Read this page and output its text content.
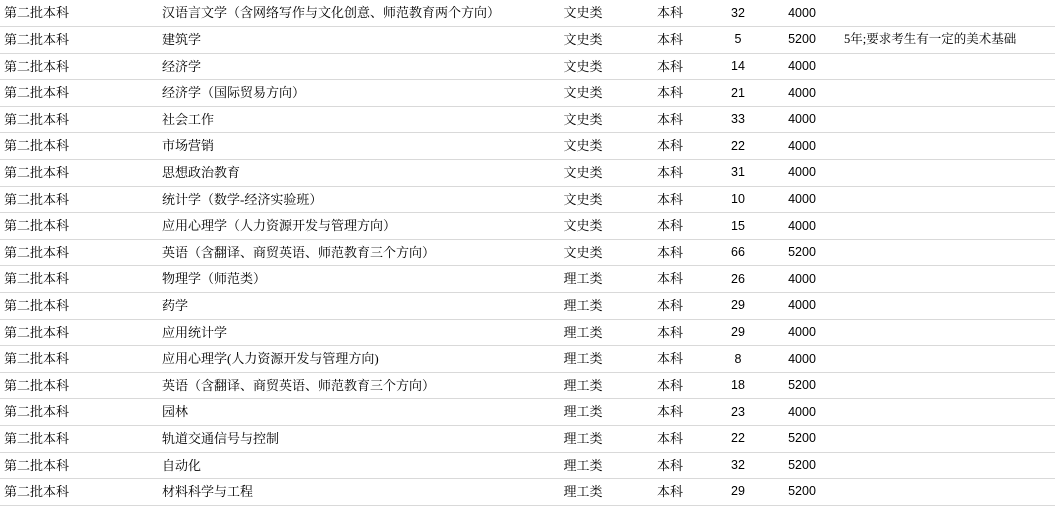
第二批本科	汉语言文学（含网络写作与文化创意、师范教育两个方向）	文史类	本科	32	4000	
第二批本科	建筑学	文史类	本科	5	5200	5年;要求考生有一定的美术基础
第二批本科	经济学	文史类	本科	14	4000	
第二批本科	经济学（国际贸易方向）	文史类	本科	21	4000	
第二批本科	社会工作	文史类	本科	33	4000	
第二批本科	市场营销	文史类	本科	22	4000	
第二批本科	思想政治教育	文史类	本科	31	4000	
第二批本科	统计学（数学-经济实验班）	文史类	本科	10	4000	
第二批本科	应用心理学（人力资源开发与管理方向）	文史类	本科	15	4000	
第二批本科	英语（含翻译、商贸英语、师范教育三个方向）	文史类	本科	66	5200	
第二批本科	物理学（师范类）	理工类	本科	26	4000	
第二批本科	药学	理工类	本科	29	4000	
第二批本科	应用统计学	理工类	本科	29	4000	
第二批本科	应用心理学(人力资源开发与管理方向)	理工类	本科	8	4000	
第二批本科	英语（含翻译、商贸英语、师范教育三个方向）	理工类	本科	18	5200	
第二批本科	园林	理工类	本科	23	4000	
第二批本科	轨道交通信号与控制	理工类	本科	22	5200	
第二批本科	自动化	理工类	本科	32	5200	
第二批本科	材料科学与工程	理工类	本科	29	5200	
